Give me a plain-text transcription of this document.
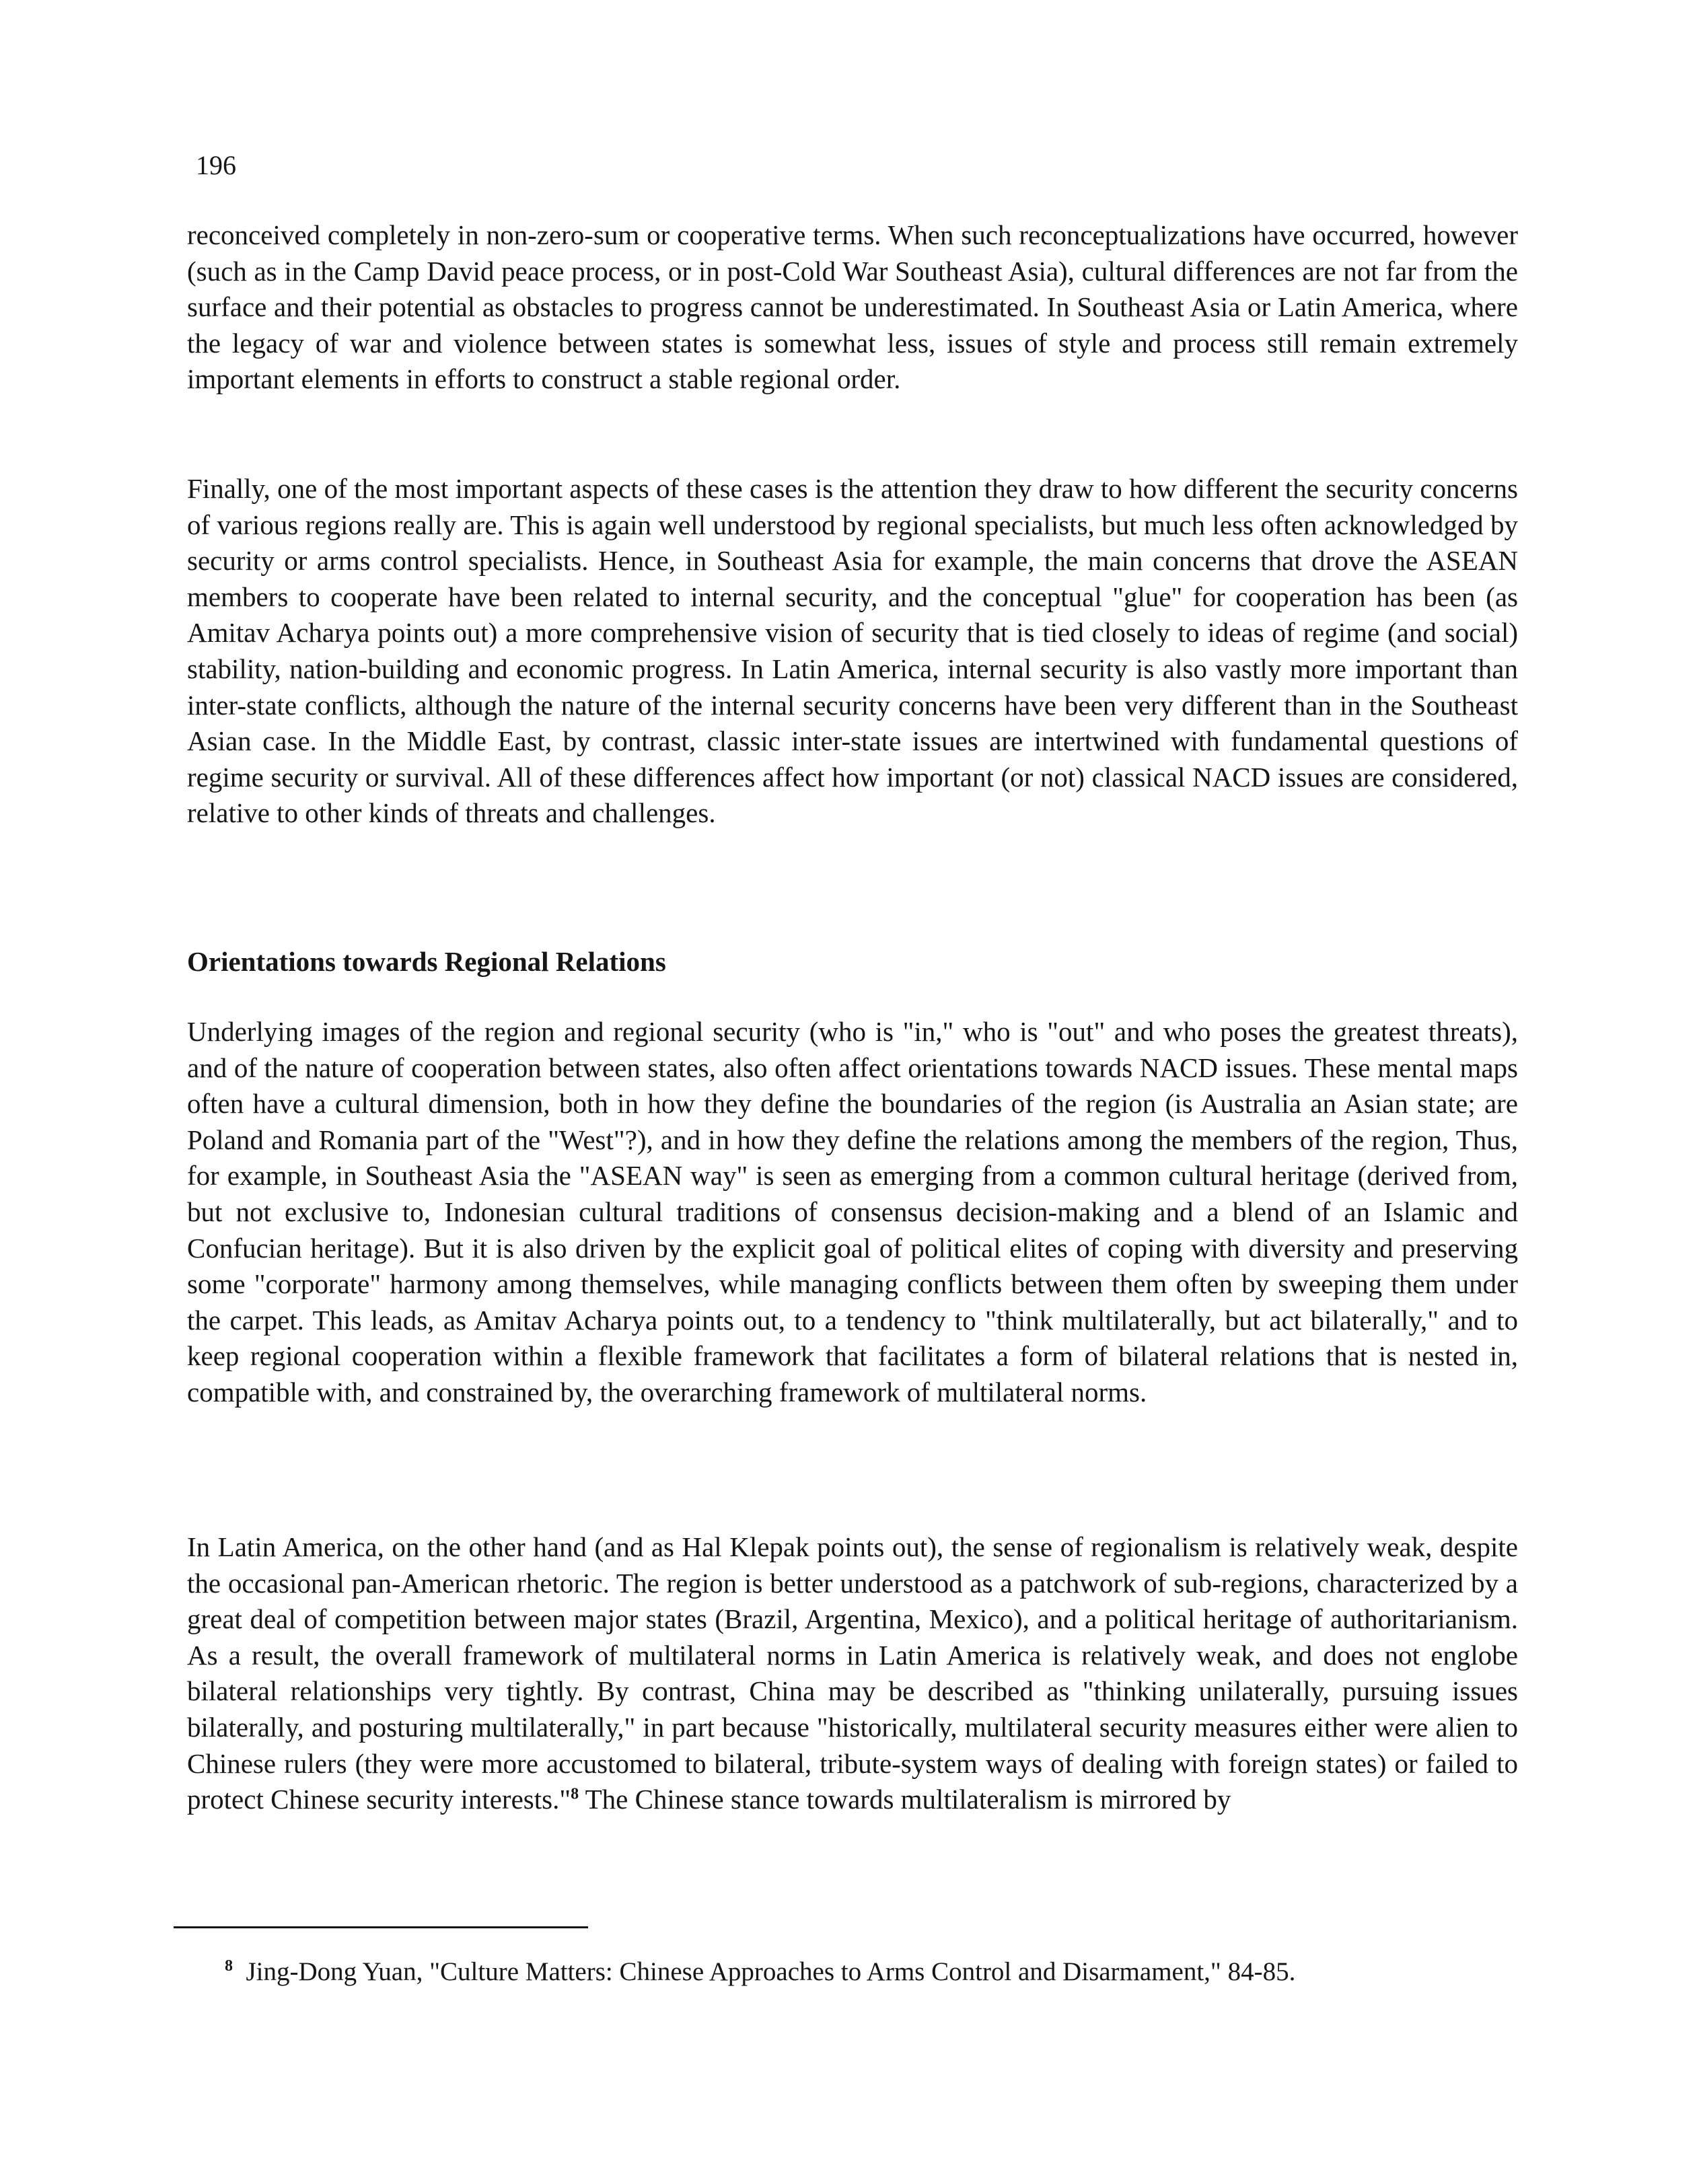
196

reconceived completely in non-zero-sum or cooperative terms. When such reconceptualizations have occurred, however (such as in the Camp David peace process, or in post-Cold War Southeast Asia), cultural differences are not far from the surface and their potential as obstacles to progress cannot be underestimated. In Southeast Asia or Latin America, where the legacy of war and violence between states is somewhat less, issues of style and process still remain extremely important elements in efforts to construct a stable regional order.

Finally, one of the most important aspects of these cases is the attention they draw to how different the security concerns of various regions really are. This is again well understood by regional specialists, but much less often acknowledged by security or arms control specialists. Hence, in Southeast Asia for example, the main concerns that drove the ASEAN members to cooperate have been related to internal security, and the conceptual "glue" for cooperation has been (as Amitav Acharya points out) a more comprehensive vision of security that is tied closely to ideas of regime (and social) stability, nation-building and economic progress. In Latin America, internal security is also vastly more important than inter-state conflicts, although the nature of the internal security concerns have been very different than in the Southeast Asian case. In the Middle East, by contrast, classic inter-state issues are intertwined with fundamental questions of regime security or survival. All of these differences affect how important (or not) classical NACD issues are considered, relative to other kinds of threats and challenges.

Orientations towards Regional Relations

Underlying images of the region and regional security (who is "in," who is "out" and who poses the greatest threats), and of the nature of cooperation between states, also often affect orientations towards NACD issues. These mental maps often have a cultural dimension, both in how they define the boundaries of the region (is Australia an Asian state; are Poland and Romania part of the "West"?), and in how they define the relations among the members of the region, Thus, for example, in Southeast Asia the "ASEAN way" is seen as emerging from a common cultural heritage (derived from, but not exclusive to, Indonesian cultural traditions of consensus decision-making and a blend of an Islamic and Confucian heritage). But it is also driven by the explicit goal of political elites of coping with diversity and preserving some "corporate" harmony among themselves, while managing conflicts between them often by sweeping them under the carpet. This leads, as Amitav Acharya points out, to a tendency to "think multilaterally, but act bilaterally," and to keep regional cooperation within a flexible framework that facilitates a form of bilateral relations that is nested in, compatible with, and constrained by, the overarching framework of multilateral norms.

In Latin America, on the other hand (and as Hal Klepak points out), the sense of regionalism is relatively weak, despite the occasional pan-American rhetoric. The region is better understood as a patchwork of sub-regions, characterized by a great deal of competition between major states (Brazil, Argentina, Mexico), and a political heritage of authoritarianism. As a result, the overall framework of multilateral norms in Latin America is relatively weak, and does not englobe bilateral relationships very tightly. By contrast, China may be described as "thinking unilaterally, pursuing issues bilaterally, and posturing multilaterally," in part because "historically, multilateral security measures either were alien to Chinese rulers (they were more accustomed to bilateral, tribute-system ways of dealing with foreign states) or failed to protect Chinese security interests."$^8$ The Chinese stance towards multilateralism is mirrored by

$^8$ Jing-Dong Yuan, "Culture Matters: Chinese Approaches to Arms Control and Disarmament," 84-85.
